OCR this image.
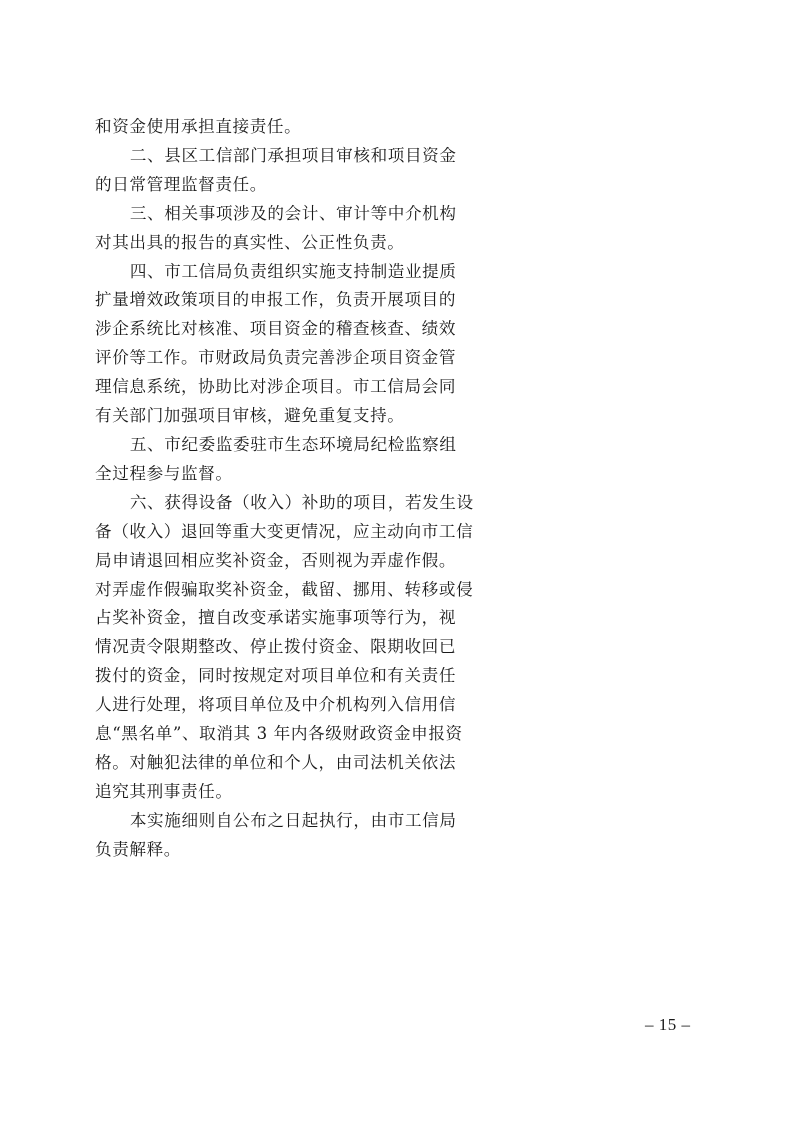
和资金使用承担直接责任。

二、县区工信部门承担项目审核和项目资金
的日常管理监督责任。

三、相关事项涉及的会计、审计等中介机构
对其出具的报告的真实性、公正性负责。

四、市工信局负责组织实施支持制造业提质
扩量增效政策项目的申报工作，负责开展项目的
涉企系统比对核准、项目资金的稽查核查、绩效
评价等工作。市财政局负责完善涉企项目资金管
理信息系统，协助比对涉企项目。市工信局会同
有关部门加强项目审核，避免重复支持。

五、市纪委监委驻市生态环境局纪检监察组
全过程参与监督。

六、获得设备（收入）补助的项目，若发生设
备（收入）退回等重大变更情况，应主动向市工信
局申请退回相应奖补资金，否则视为弄虚作假。
对弄虚作假骗取奖补资金，截留、挪用、转移或侵
占奖补资金，擅自改变承诺实施事项等行为，视
情况责令限期整改、停止拨付资金、限期收回已
拨付的资金，同时按规定对项目单位和有关责任
人进行处理，将项目单位及中介机构列入信用信
息“黑名单”、取消其 3 年内各级财政资金申报资
格。对触犯法律的单位和个人，由司法机关依法
追究其刑事责任。

本实施细则自公布之日起执行，由市工信局
负责解释。

– 15 –
